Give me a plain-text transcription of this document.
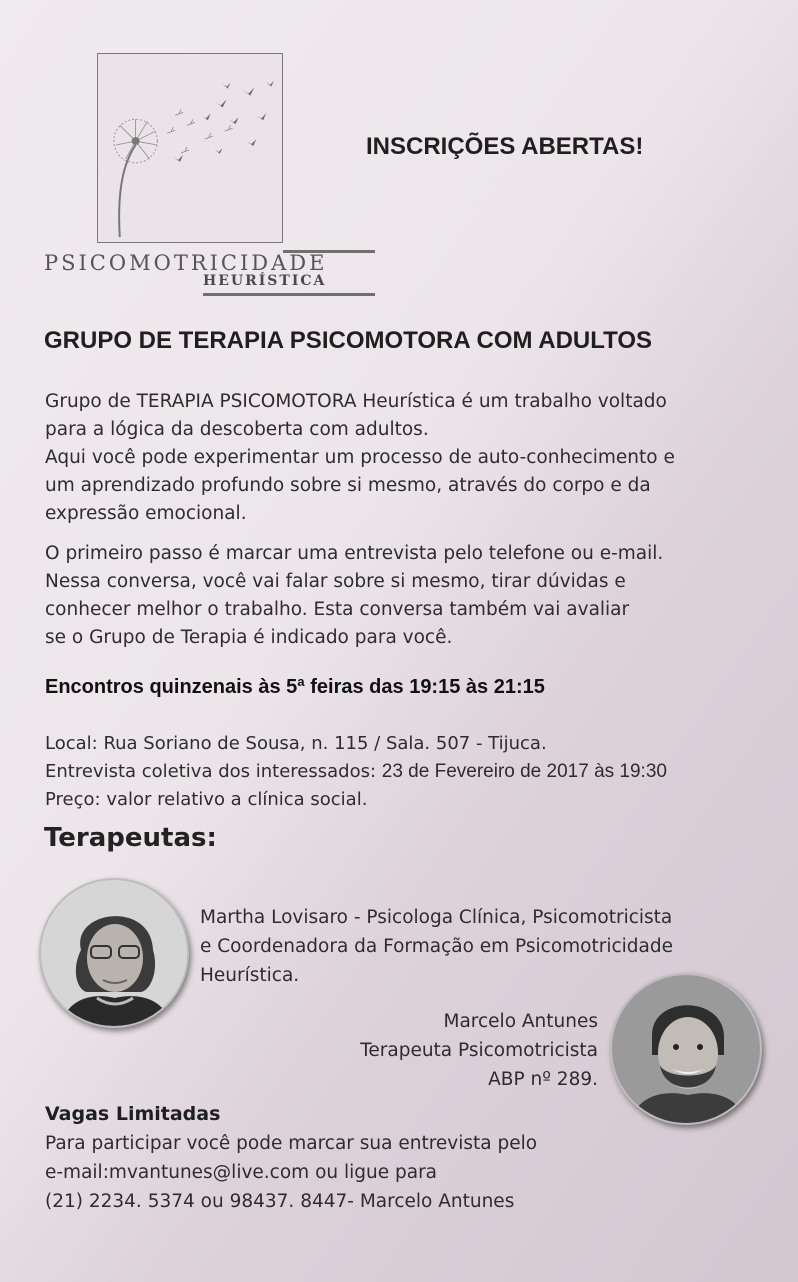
PSICOMOTRICIDADE
HEURÍSTICA
INSCRIÇÕES ABERTAS!
GRUPO DE TERAPIA PSICOMOTORA COM ADULTOS
Grupo de TERAPIA PSICOMOTORA Heurística é um trabalho voltado
para a lógica da descoberta com adultos.
Aqui você pode experimentar um processo de auto-conhecimento e
um aprendizado profundo sobre si mesmo, através do corpo e da
expressão emocional.
O primeiro passo é marcar uma entrevista pelo telefone ou e-mail.
Nessa conversa, você vai falar sobre si mesmo, tirar dúvidas e
conhecer melhor o trabalho. Esta conversa também vai avaliar
se o Grupo de Terapia é indicado para você.
Encontros quinzenais às 5ª feiras das 19:15 às 21:15
Local: Rua Soriano de Sousa, n. 115 / Sala. 507 - Tijuca.
Entrevista coletiva dos interessados: 23 de Fevereiro de 2017 às 19:30
Preço: valor relativo a clínica social.
Terapeutas:
Martha Lovisaro - Psicologa Clínica, Psicomotricista
e Coordenadora da Formação em Psicomotricidade
Heurística.
Marcelo Antunes
Terapeuta Psicomotricista
ABP nº 289.
Vagas Limitadas
Para participar você pode marcar sua entrevista pelo
e-mail:mvantunes@live.com ou ligue para
(21) 2234. 5374 ou 98437. 8447- Marcelo Antunes
